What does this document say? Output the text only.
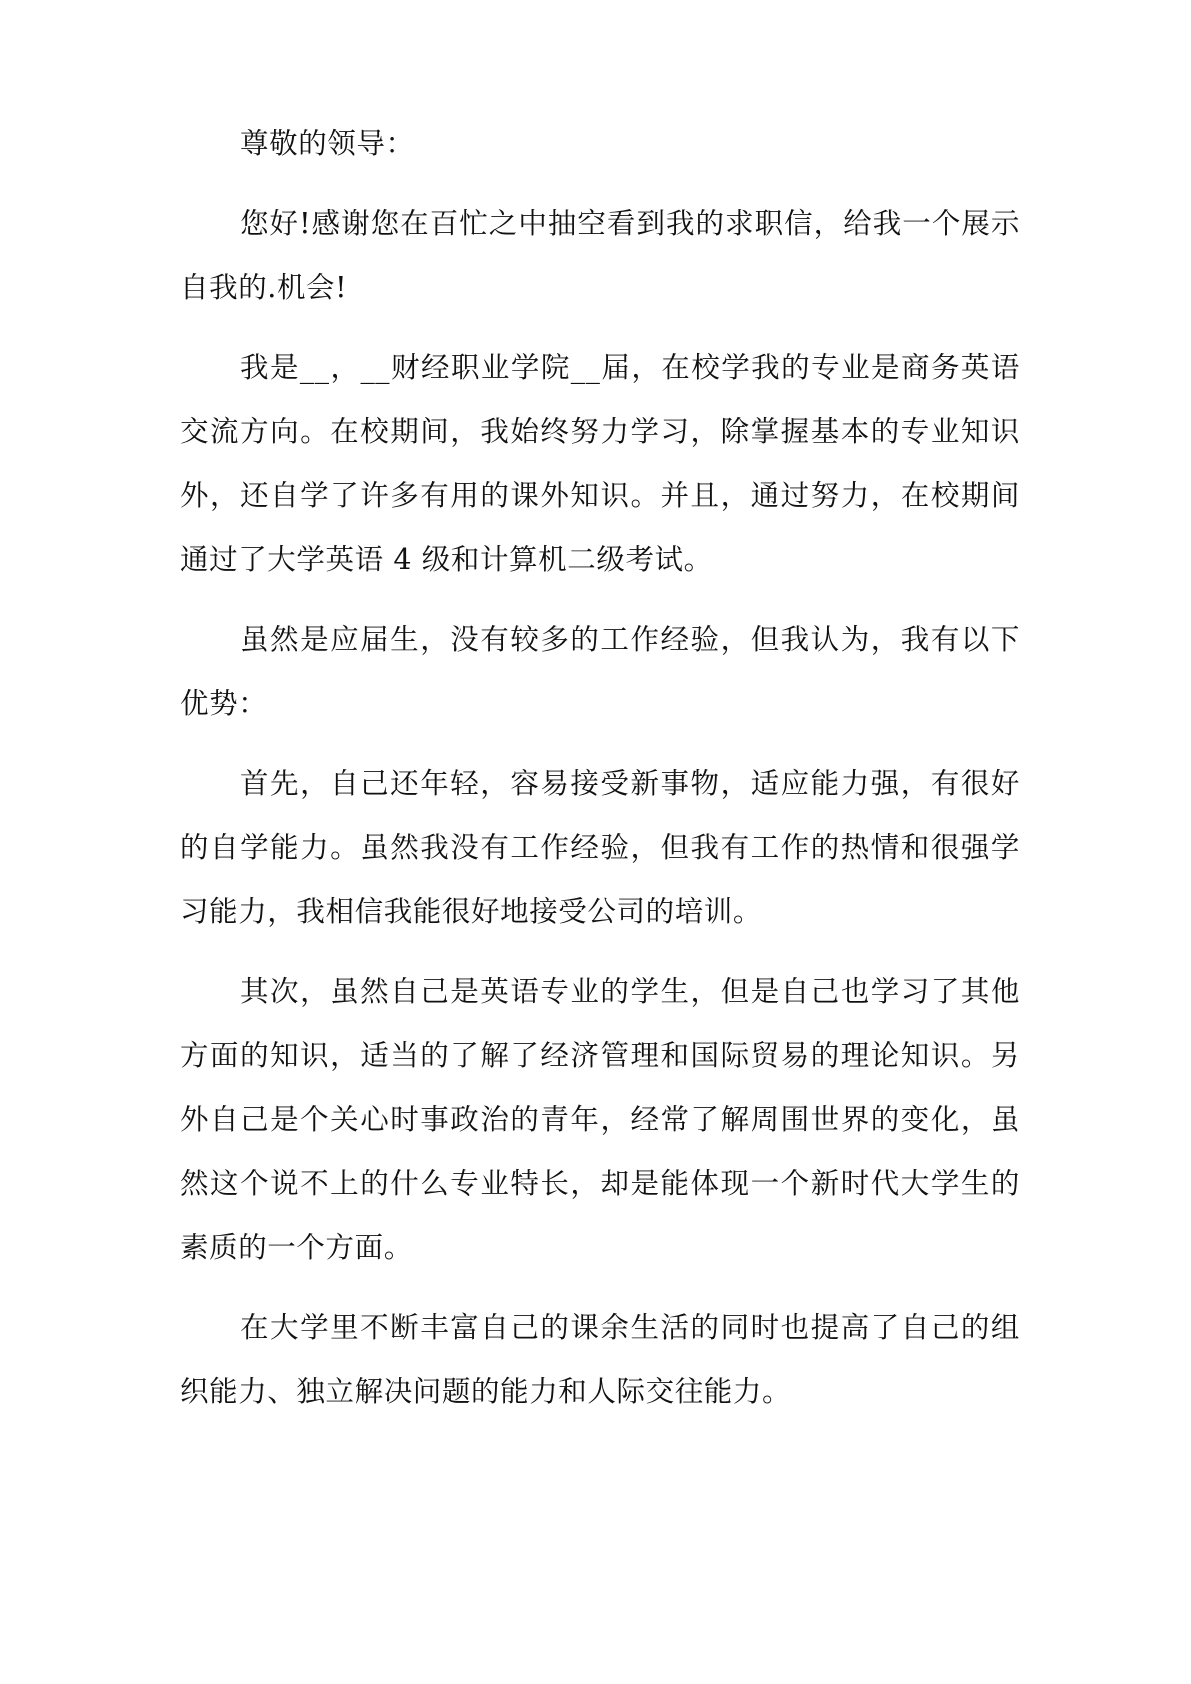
尊敬的领导：

您好!感谢您在百忙之中抽空看到我的求职信，给我一个展示自我的.机会!

我是__，__财经职业学院__届，在校学我的专业是商务英语交流方向。在校期间，我始终努力学习，除掌握基本的专业知识外，还自学了许多有用的课外知识。并且，通过努力，在校期间通过了大学英语 4 级和计算机二级考试。

虽然是应届生，没有较多的工作经验，但我认为，我有以下优势：

首先，自己还年轻，容易接受新事物，适应能力强，有很好的自学能力。虽然我没有工作经验，但我有工作的热情和很强学习能力，我相信我能很好地接受公司的培训。

其次，虽然自己是英语专业的学生，但是自己也学习了其他方面的知识，适当的了解了经济管理和国际贸易的理论知识。另外自己是个关心时事政治的青年，经常了解周围世界的变化，虽然这个说不上的什么专业特长，却是能体现一个新时代大学生的素质的一个方面。

在大学里不断丰富自己的课余生活的同时也提高了自己的组织能力、独立解决问题的能力和人际交往能力。
